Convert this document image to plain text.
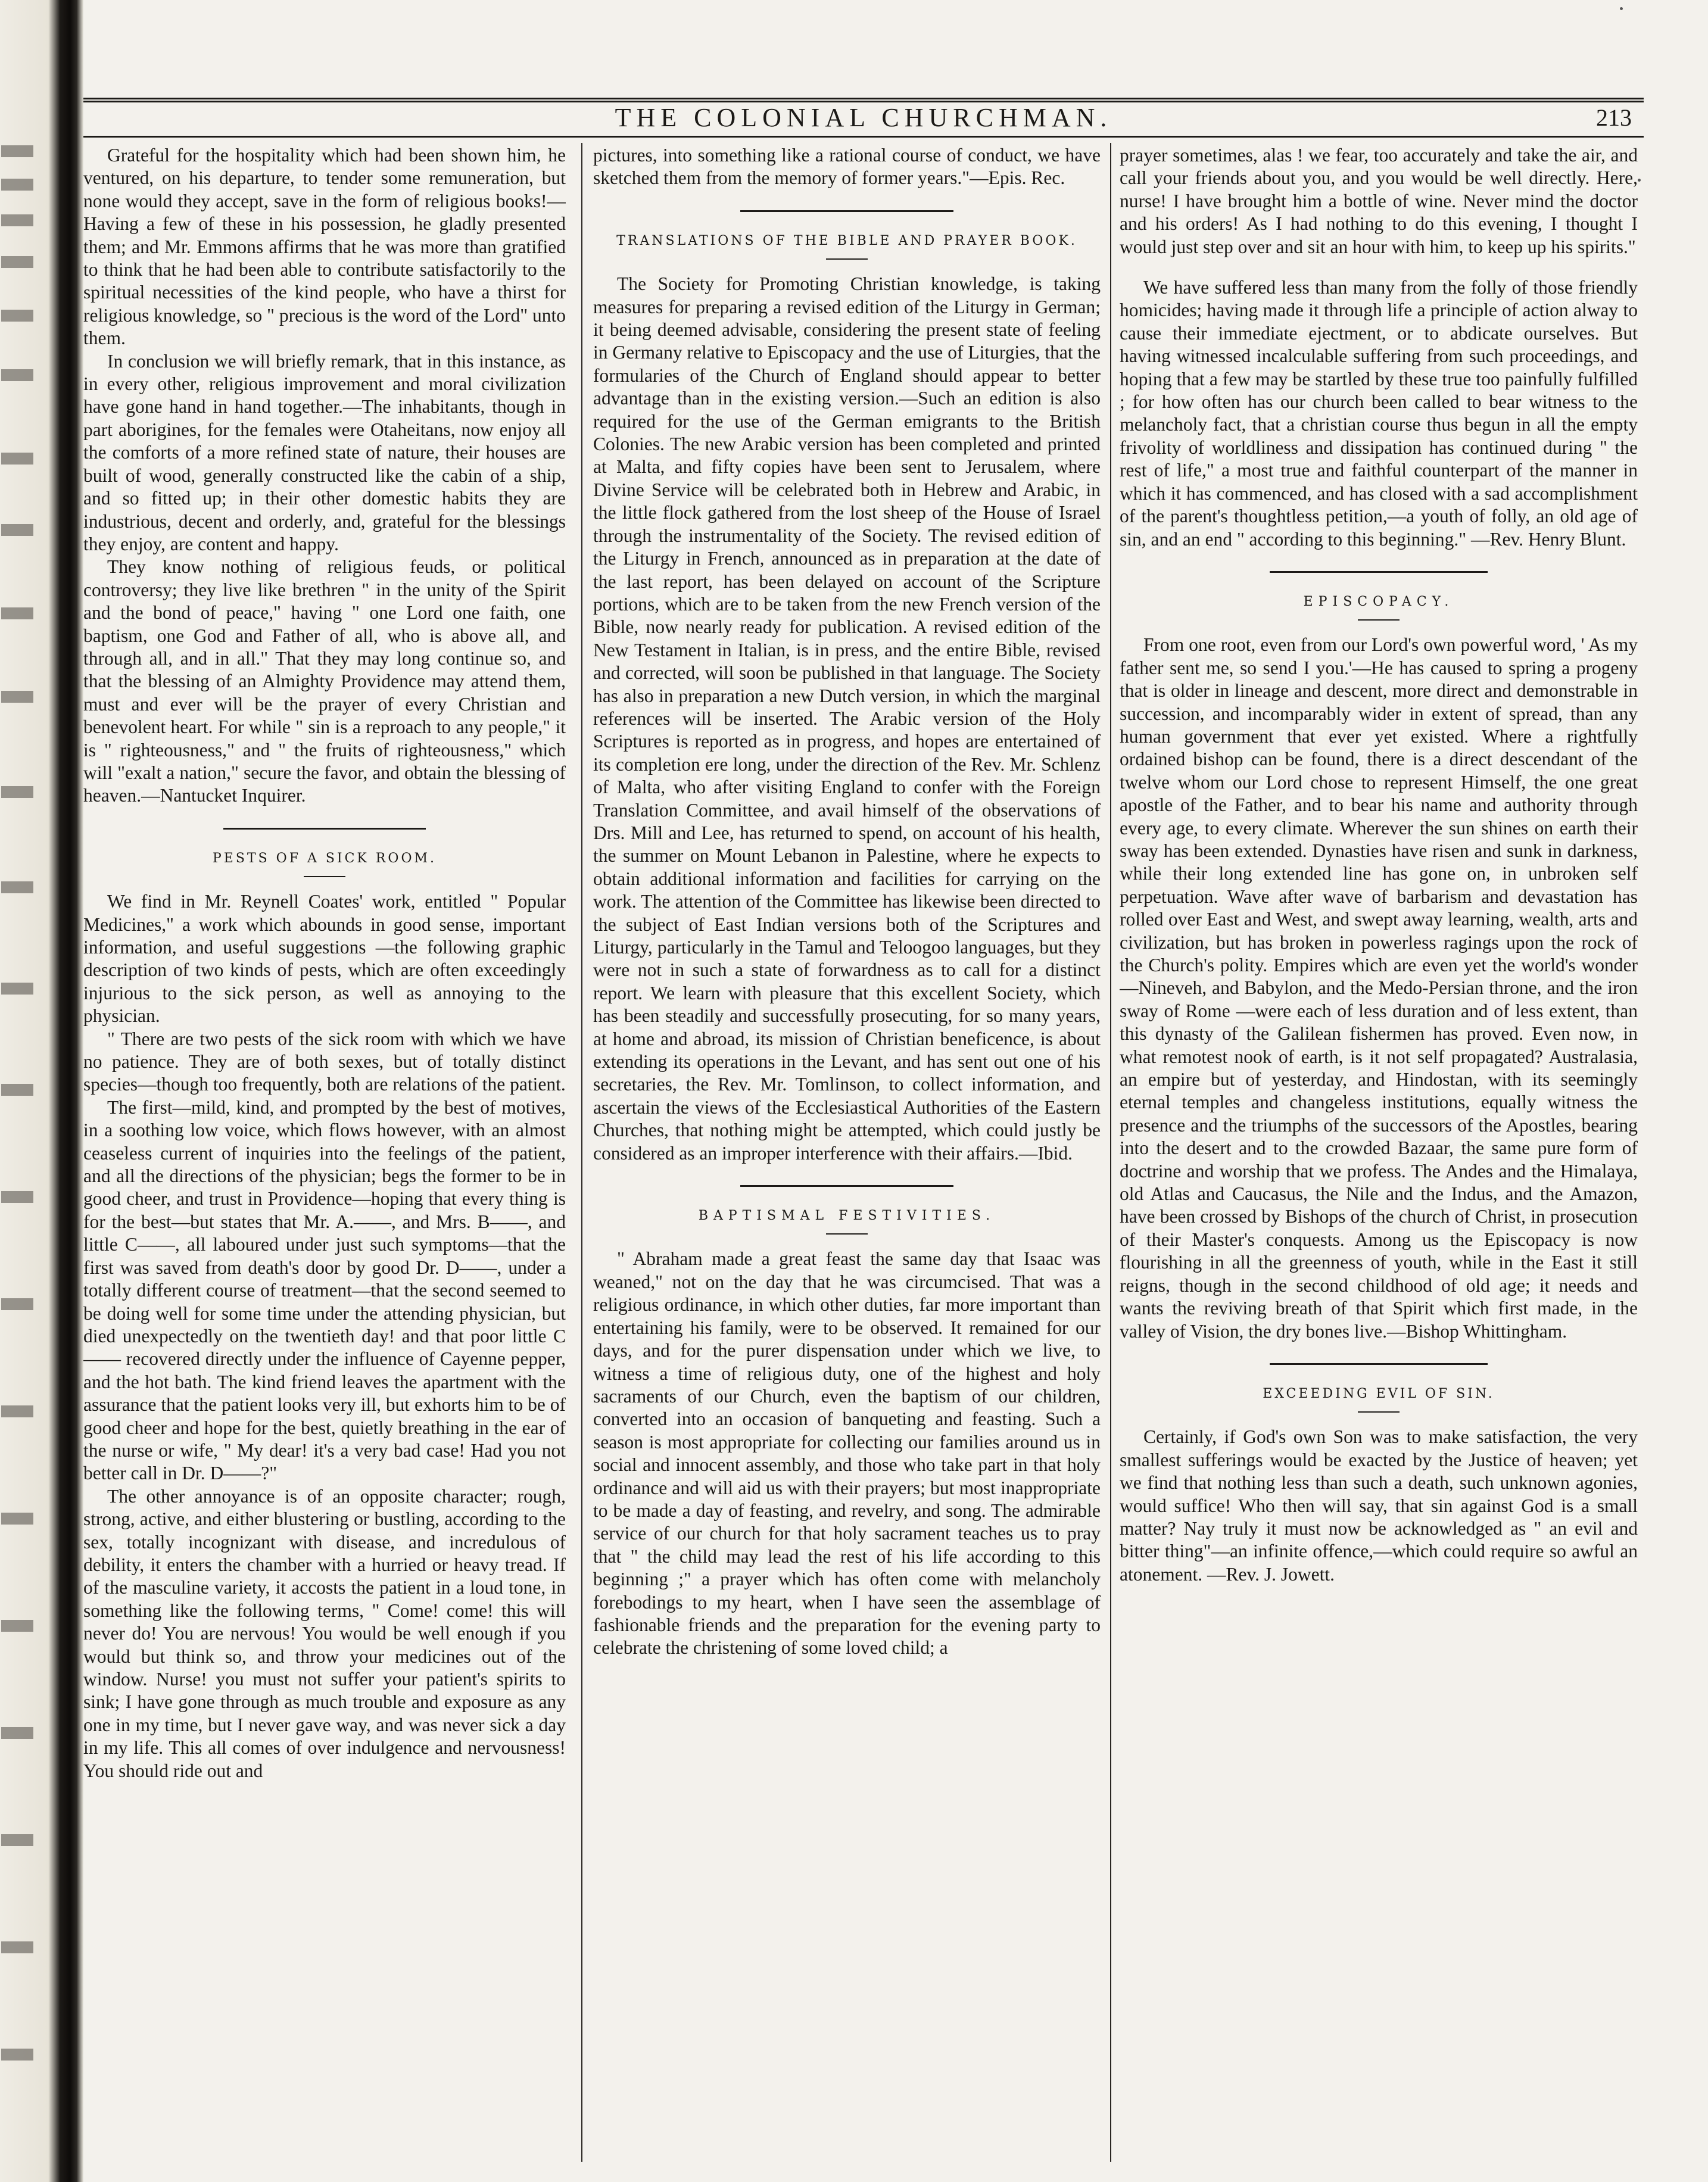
THE COLONIAL CHURCHMAN.	213

Grateful for the hospitality which had been shown him, he ventured, on his departure, to tender some remuneration, but none would they accept, save in the form of religious books!—Having a few of these in his possession, he gladly presented them; and Mr. Emmons affirms that he was more than gratified to think that he had been able to contribute satisfactorily to the spiritual necessities of the kind people, who have a thirst for religious knowledge, so " precious is the word of the Lord" unto them.

In conclusion we will briefly remark, that in this instance, as in every other, religious improvement and moral civilization have gone hand in hand together.—The inhabitants, though in part aborigines, for the females were Otaheitans, now enjoy all the comforts of a more refined state of nature, their houses are built of wood, generally constructed like the cabin of a ship, and so fitted up; in their other domestic habits they are industrious, decent and orderly, and, grateful for the blessings they enjoy, are content and happy.

They know nothing of religious feuds, or political controversy; they live like brethren " in the unity of the Spirit and the bond of peace," having " one Lord one faith, one baptism, one God and Father of all, who is above all, and through all, and in all." That they may long continue so, and that the blessing of an Almighty Providence may attend them, must and ever will be the prayer of every Christian and benevolent heart. For while " sin is a reproach to any people," it is " righteousness," and " the fruits of righteousness," which will "exalt a nation," secure the favor, and obtain the blessing of heaven.—Nantucket Inquirer.

PESTS OF A SICK ROOM.

We find in Mr. Reynell Coates' work, entitled " Popular Medicines," a work which abounds in good sense, important information, and useful suggestions —the following graphic description of two kinds of pests, which are often exceedingly injurious to the sick person, as well as annoying to the physician.

" There are two pests of the sick room with which we have no patience. They are of both sexes, but of totally distinct species—though too frequently, both are relations of the patient.

The first—mild, kind, and prompted by the best of motives, in a soothing low voice, which flows however, with an almost ceaseless current of inquiries into the feelings of the patient, and all the directions of the physician; begs the former to be in good cheer, and trust in Providence—hoping that every thing is for the best—but states that Mr. A.——, and Mrs. B——, and little C——, all laboured under just such symptoms—that the first was saved from death's door by good Dr. D——, under a totally different course of treatment—that the second seemed to be doing well for some time under the attending physician, but died unexpectedly on the twentieth day! and that poor little C—— recovered directly under the influence of Cayenne pepper, and the hot bath. The kind friend leaves the apartment with the assurance that the patient looks very ill, but exhorts him to be of good cheer and hope for the best, quietly breathing in the ear of the nurse or wife, " My dear! it's a very bad case! Had you not better call in Dr. D——?"

The other annoyance is of an opposite character; rough, strong, active, and either blustering or bustling, according to the sex, totally incognizant with disease, and incredulous of debility, it enters the chamber with a hurried or heavy tread. If of the masculine variety, it accosts the patient in a loud tone, in something like the following terms, " Come! come! this will never do! You are nervous! You would be well enough if you would but think so, and throw your medicines out of the window. Nurse! you must not suffer your patient's spirits to sink; I have gone through as much trouble and exposure as any one in my time, but I never gave way, and was never sick a day in my life. This all comes of over indulgence and nervousness! You should ride out and

pictures, into something like a rational course of conduct, we have sketched them from the memory of former years."—Epis. Rec.

TRANSLATIONS OF THE BIBLE AND PRAYER BOOK.

The Society for Promoting Christian knowledge, is taking measures for preparing a revised edition of the Liturgy in German; it being deemed advisable, considering the present state of feeling in Germany relative to Episcopacy and the use of Liturgies, that the formularies of the Church of England should appear to better advantage than in the existing version.—Such an edition is also required for the use of the German emigrants to the British Colonies. The new Arabic version has been completed and printed at Malta, and fifty copies have been sent to Jerusalem, where Divine Service will be celebrated both in Hebrew and Arabic, in the little flock gathered from the lost sheep of the House of Israel through the instrumentality of the Society. The revised edition of the Liturgy in French, announced as in preparation at the date of the last report, has been delayed on account of the Scripture portions, which are to be taken from the new French version of the Bible, now nearly ready for publication. A revised edition of the New Testament in Italian, is in press, and the entire Bible, revised and corrected, will soon be published in that language. The Society has also in preparation a new Dutch version, in which the marginal references will be inserted. The Arabic version of the Holy Scriptures is reported as in progress, and hopes are entertained of its completion ere long, under the direction of the Rev. Mr. Schlenz of Malta, who after visiting England to confer with the Foreign Translation Committee, and avail himself of the observations of Drs. Mill and Lee, has returned to spend, on account of his health, the summer on Mount Lebanon in Palestine, where he expects to obtain additional information and facilities for carrying on the work. The attention of the Committee has likewise been directed to the subject of East Indian versions both of the Scriptures and Liturgy, particularly in the Tamul and Teloogoo languages, but they were not in such a state of forwardness as to call for a distinct report. We learn with pleasure that this excellent Society, which has been steadily and successfully prosecuting, for so many years, at home and abroad, its mission of Christian beneficence, is about extending its operations in the Levant, and has sent out one of his secretaries, the Rev. Mr. Tomlinson, to collect information, and ascertain the views of the Ecclesiastical Authorities of the Eastern Churches, that nothing might be attempted, which could justly be considered as an improper interference with their affairs.—Ibid.

BAPTISMAL FESTIVITIES.

" Abraham made a great feast the same day that Isaac was weaned," not on the day that he was circumcised. That was a religious ordinance, in which other duties, far more important than entertaining his family, were to be observed. It remained for our days, and for the purer dispensation under which we live, to witness a time of religious duty, one of the highest and holy sacraments of our Church, even the baptism of our children, converted into an occasion of banqueting and feasting. Such a season is most appropriate for collecting our families around us in social and innocent assembly, and those who take part in that holy ordinance and will aid us with their prayers; but most inappropriate to be made a day of feasting, and revelry, and song. The admirable service of our church for that holy sacrament teaches us to pray that " the child may lead the rest of his life according to this beginning ;" a prayer which has often come with melancholy forebodings to my heart, when I have seen the assemblage of fashionable friends and the preparation for the evening party to celebrate the christening of some loved child; a

prayer sometimes, alas ! we fear, too accurately and take the air, and call your friends about you, and you would be well directly. Here, nurse! I have brought him a bottle of wine. Never mind the doctor and his orders! As I had nothing to do this evening, I thought I would just step over and sit an hour with him, to keep up his spirits."

We have suffered less than many from the folly of those friendly homicides; having made it through life a principle of action alway to cause their immediate ejectment, or to abdicate ourselves. But having witnessed incalculable suffering from such proceedings, and hoping that a few may be startled by these true too painfully fulfilled ; for how often has our church been called to bear witness to the melancholy fact, that a christian course thus begun in all the empty frivolity of worldliness and dissipation has continued during " the rest of life," a most true and faithful counterpart of the manner in which it has commenced, and has closed with a sad accomplishment of the parent's thoughtless petition,—a youth of folly, an old age of sin, and an end " according to this beginning." —Rev. Henry Blunt.

EPISCOPACY.

From one root, even from our Lord's own powerful word, ' As my father sent me, so send I you.'—He has caused to spring a progeny that is older in lineage and descent, more direct and demonstrable in succession, and incomparably wider in extent of spread, than any human government that ever yet existed. Where a rightfully ordained bishop can be found, there is a direct descendant of the twelve whom our Lord chose to represent Himself, the one great apostle of the Father, and to bear his name and authority through every age, to every climate. Wherever the sun shines on earth their sway has been extended. Dynasties have risen and sunk in darkness, while their long extended line has gone on, in unbroken self perpetuation. Wave after wave of barbarism and devastation has rolled over East and West, and swept away learning, wealth, arts and civilization, but has broken in powerless ragings upon the rock of the Church's polity. Empires which are even yet the world's wonder—Nineveh, and Babylon, and the Medo-Persian throne, and the iron sway of Rome —were each of less duration and of less extent, than this dynasty of the Galilean fishermen has proved. Even now, in what remotest nook of earth, is it not self propagated? Australasia, an empire but of yesterday, and Hindostan, with its seemingly eternal temples and changeless institutions, equally witness the presence and the triumphs of the successors of the Apostles, bearing into the desert and to the crowded Bazaar, the same pure form of doctrine and worship that we profess. The Andes and the Himalaya, old Atlas and Caucasus, the Nile and the Indus, and the Amazon, have been crossed by Bishops of the church of Christ, in prosecution of their Master's conquests. Among us the Episcopacy is now flourishing in all the greenness of youth, while in the East it still reigns, though in the second childhood of old age; it needs and wants the reviving breath of that Spirit which first made, in the valley of Vision, the dry bones live.—Bishop Whittingham.

EXCEEDING EVIL OF SIN.

Certainly, if God's own Son was to make satisfaction, the very smallest sufferings would be exacted by the Justice of heaven; yet we find that nothing less than such a death, such unknown agonies, would suffice! Who then will say, that sin against God is a small matter? Nay truly it must now be acknowledged as " an evil and bitter thing"—an infinite offence,—which could require so awful an atonement. —Rev. J. Jowett.
